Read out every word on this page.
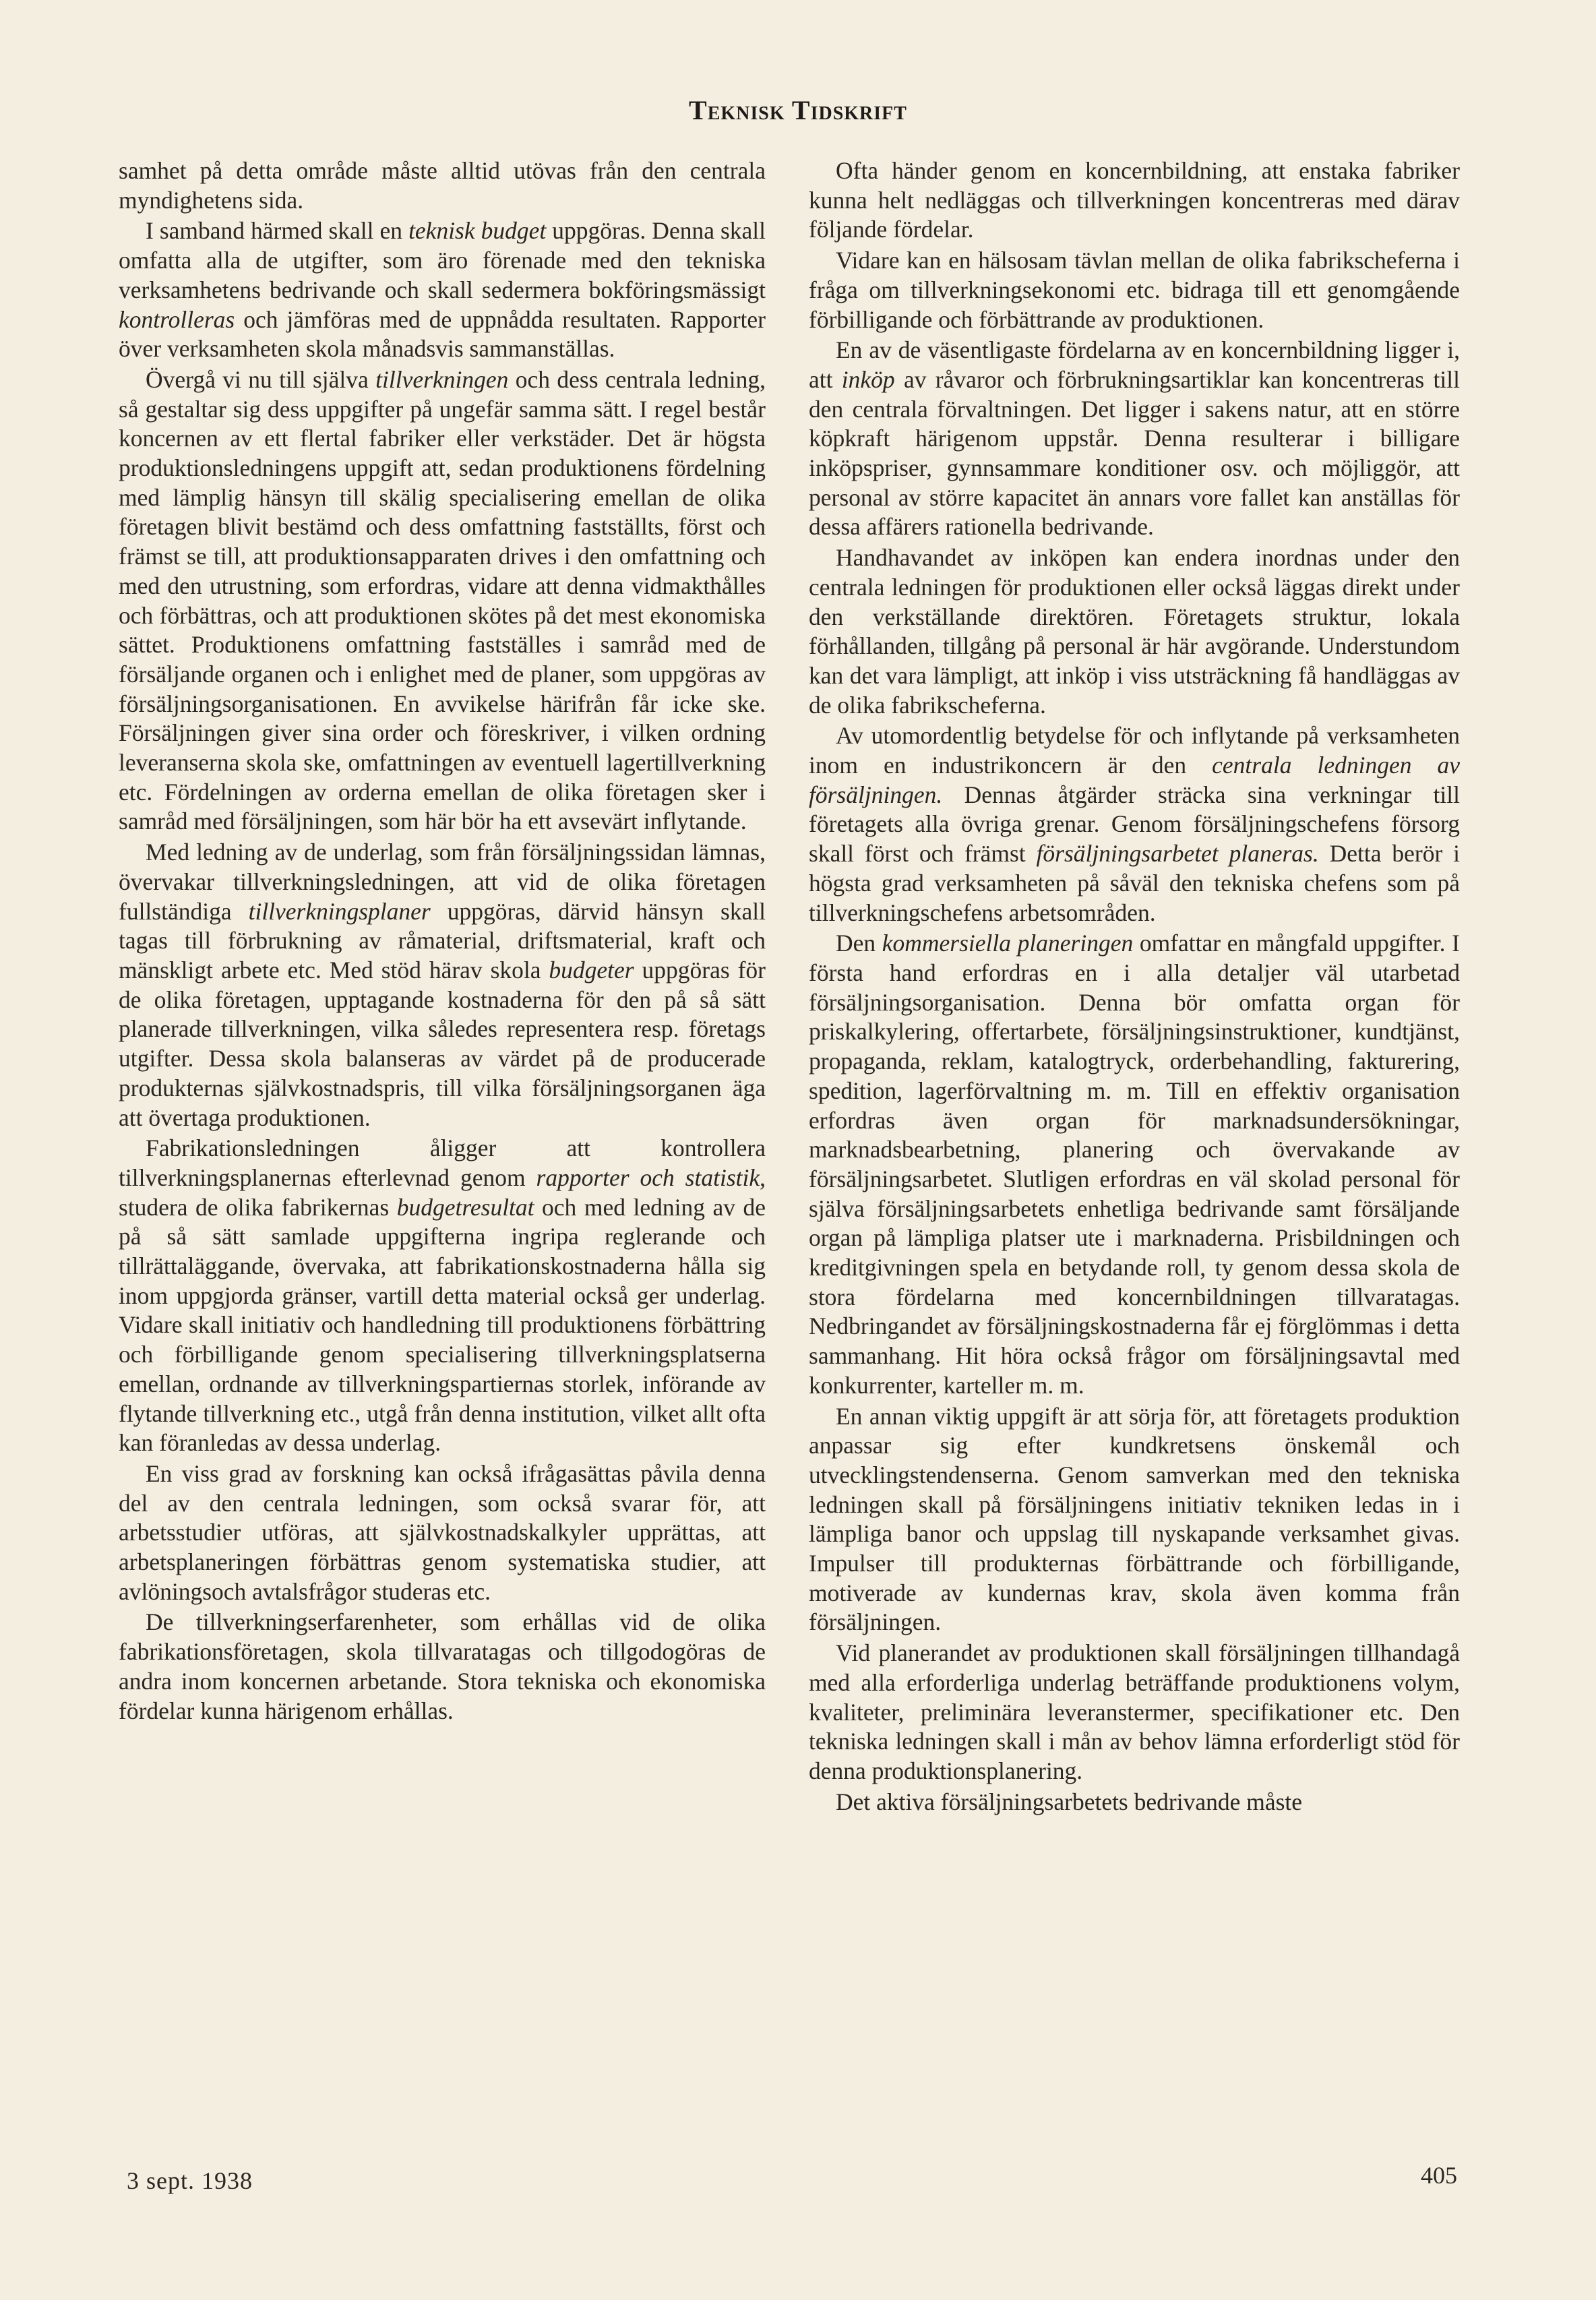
Teknisk Tidskrift

samhet på detta område måste alltid utövas från den centrala myndighetens sida.

I samband härmed skall en teknisk budget uppgöras. Denna skall omfatta alla de utgifter, som äro förenade med den tekniska verksamhetens bedrivande och skall sedermera bokföringsmässigt kontrolleras och jämföras med de uppnådda resultaten. Rapporter över verksamheten skola månadsvis sammanställas.

Övergå vi nu till själva tillverkningen och dess centrala ledning, så gestaltar sig dess uppgifter på ungefär samma sätt. I regel består koncernen av ett flertal fabriker eller verkstäder. Det är högsta produktionsledningens uppgift att, sedan produktionens fördelning med lämplig hänsyn till skälig specialisering emellan de olika företagen blivit bestämd och dess omfattning fastställts, först och främst se till, att produktionsapparaten drives i den omfattning och med den utrustning, som erfordras, vidare att denna vidmakthålles och förbättras, och att produktionen skötes på det mest ekonomiska sättet. Produktionens omfattning fastställes i samråd med de försäljande organen och i enlighet med de planer, som uppgöras av försäljningsorganisationen. En avvikelse härifrån får icke ske. Försäljningen giver sina order och föreskriver, i vilken ordning leveranserna skola ske, omfattningen av eventuell lagertillverkning etc. Fördelningen av orderna emellan de olika företagen sker i samråd med försäljningen, som här bör ha ett avsevärt inflytande.

Med ledning av de underlag, som från försäljningssidan lämnas, övervakar tillverkningsledningen, att vid de olika företagen fullständiga tillverkningsplaner uppgöras, därvid hänsyn skall tagas till förbrukning av råmaterial, driftsmaterial, kraft och mänskligt arbete etc. Med stöd härav skola budgeter uppgöras för de olika företagen, upptagande kostnaderna för den på så sätt planerade tillverkningen, vilka således representera resp. företags utgifter. Dessa skola balanseras av värdet på de producerade produkternas självkostnadspris, till vilka försäljningsorganen äga att övertaga produktionen.

Fabrikationsledningen åligger att kontrollera tillverkningsplanernas efterlevnad genom rapporter och statistik, studera de olika fabrikernas budgetresultat och med ledning av de på så sätt samlade uppgifterna ingripa reglerande och tillrättaläggande, övervaka, att fabrikationskostnaderna hålla sig inom uppgjorda gränser, vartill detta material också ger underlag. Vidare skall initiativ och handledning till produktionens förbättring och förbilligande genom specialisering tillverkningsplatserna emellan, ordnande av tillverkningspartiernas storlek, införande av flytande tillverkning etc., utgå från denna institution, vilket allt ofta kan föranledas av dessa underlag.

En viss grad av forskning kan också ifrågasättas påvila denna del av den centrala ledningen, som också svarar för, att arbetsstudier utföras, att självkostnadskalkyler upprättas, att arbetsplaneringen förbättras genom systematiska studier, att avlöningsoch avtalsfrågor studeras etc.

De tillverkningserfarenheter, som erhållas vid de olika fabrikationsföretagen, skola tillvaratagas och tillgodogöras de andra inom koncernen arbetande. Stora tekniska och ekonomiska fördelar kunna härigenom erhållas.

Ofta händer genom en koncernbildning, att enstaka fabriker kunna helt nedläggas och tillverkningen koncentreras med därav följande fördelar.

Vidare kan en hälsosam tävlan mellan de olika fabrikscheferna i fråga om tillverkningsekonomi etc. bidraga till ett genomgående förbilligande och förbättrande av produktionen.

En av de väsentligaste fördelarna av en koncernbildning ligger i, att inköp av råvaror och förbrukningsartiklar kan koncentreras till den centrala förvaltningen. Det ligger i sakens natur, att en större köpkraft härigenom uppstår. Denna resulterar i billigare inköpspriser, gynnsammare konditioner osv. och möjliggör, att personal av större kapacitet än annars vore fallet kan anställas för dessa affärers rationella bedrivande.

Handhavandet av inköpen kan endera inordnas under den centrala ledningen för produktionen eller också läggas direkt under den verkställande direktören. Företagets struktur, lokala förhållanden, tillgång på personal är här avgörande. Understundom kan det vara lämpligt, att inköp i viss utsträckning få handläggas av de olika fabrikscheferna.

Av utomordentlig betydelse för och inflytande på verksamheten inom en industrikoncern är den centrala ledningen av försäljningen. Dennas åtgärder sträcka sina verkningar till företagets alla övriga grenar. Genom försäljningschefens försorg skall först och främst försäljningsarbetet planeras. Detta berör i högsta grad verksamheten på såväl den tekniska chefens som på tillverkningschefens arbetsområden.

Den kommersiella planeringen omfattar en mångfald uppgifter. I första hand erfordras en i alla detaljer väl utarbetad försäljningsorganisation. Denna bör omfatta organ för priskalkylering, offertarbete, försäljningsinstruktioner, kundtjänst, propaganda, reklam, katalogtryck, orderbehandling, fakturering, spedition, lagerförvaltning m. m. Till en effektiv organisation erfordras även organ för marknadsundersökningar, marknadsbearbetning, planering och övervakande av försäljningsarbetet. Slutligen erfordras en väl skolad personal för själva försäljningsarbetets enhetliga bedrivande samt försäljande organ på lämpliga platser ute i marknaderna. Prisbildningen och kreditgivningen spela en betydande roll, ty genom dessa skola de stora fördelarna med koncernbildningen tillvaratagas. Nedbringandet av försäljningskostnaderna får ej förglömmas i detta sammanhang. Hit höra också frågor om försäljningsavtal med konkurrenter, karteller m. m.

En annan viktig uppgift är att sörja för, att företagets produktion anpassar sig efter kundkretsens önskemål och utvecklingstendenserna. Genom samverkan med den tekniska ledningen skall på försäljningens initiativ tekniken ledas in i lämpliga banor och uppslag till nyskapande verksamhet givas. Impulser till produkternas förbättrande och förbilligande, motiverade av kundernas krav, skola även komma från försäljningen.

Vid planerandet av produktionen skall försäljningen tillhandagå med alla erforderliga underlag beträffande produktionens volym, kvaliteter, preliminära leveranstermer, specifikationer etc. Den tekniska ledningen skall i mån av behov lämna erforderligt stöd för denna produktionsplanering.

Det aktiva försäljningsarbetets bedrivande måste

3 sept. 1938	405
